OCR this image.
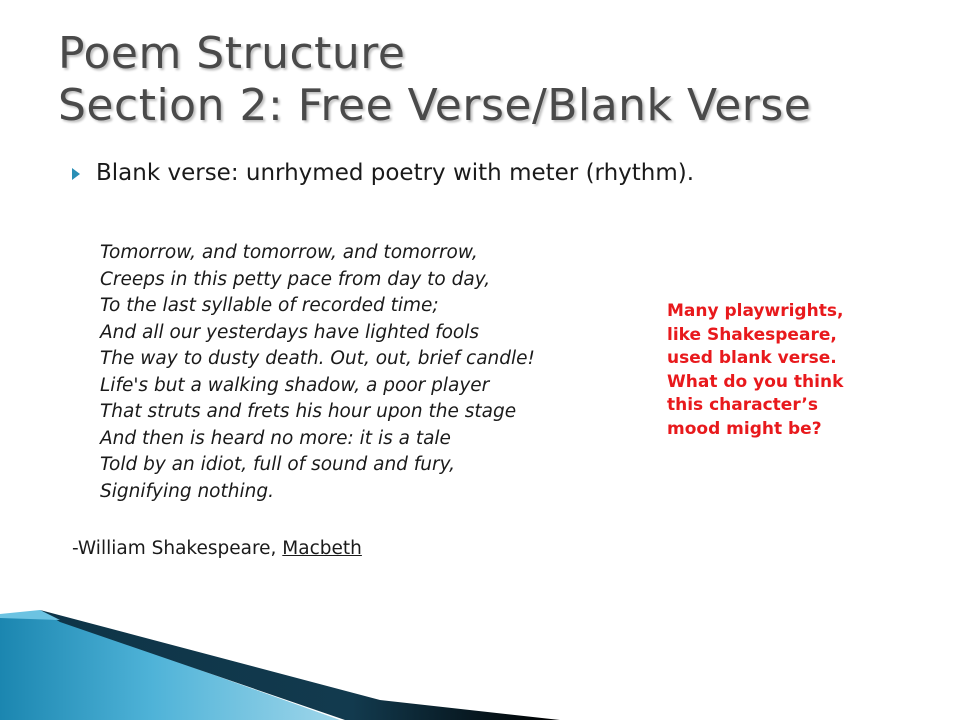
Poem Structure
Section 2: Free Verse/Blank Verse
Blank verse : unrhymed poetry with meter (rhythm).
Tomorrow, and tomorrow, and tomorrow,
Creeps in this petty pace from day to day,
To the last syllable of recorded time;
And all our yesterdays have lighted fools
The way to dusty death. Out, out, brief candle!
Life's but a walking shadow, a poor player
That struts and frets his hour upon the stage
And then is heard no more: it is a tale
Told by an idiot, full of sound and fury,
Signifying nothing.
-William Shakespeare, Macbeth
Many playwrights,
like Shakespeare,
used blank verse.
What do you think
this character’s
mood might be?
